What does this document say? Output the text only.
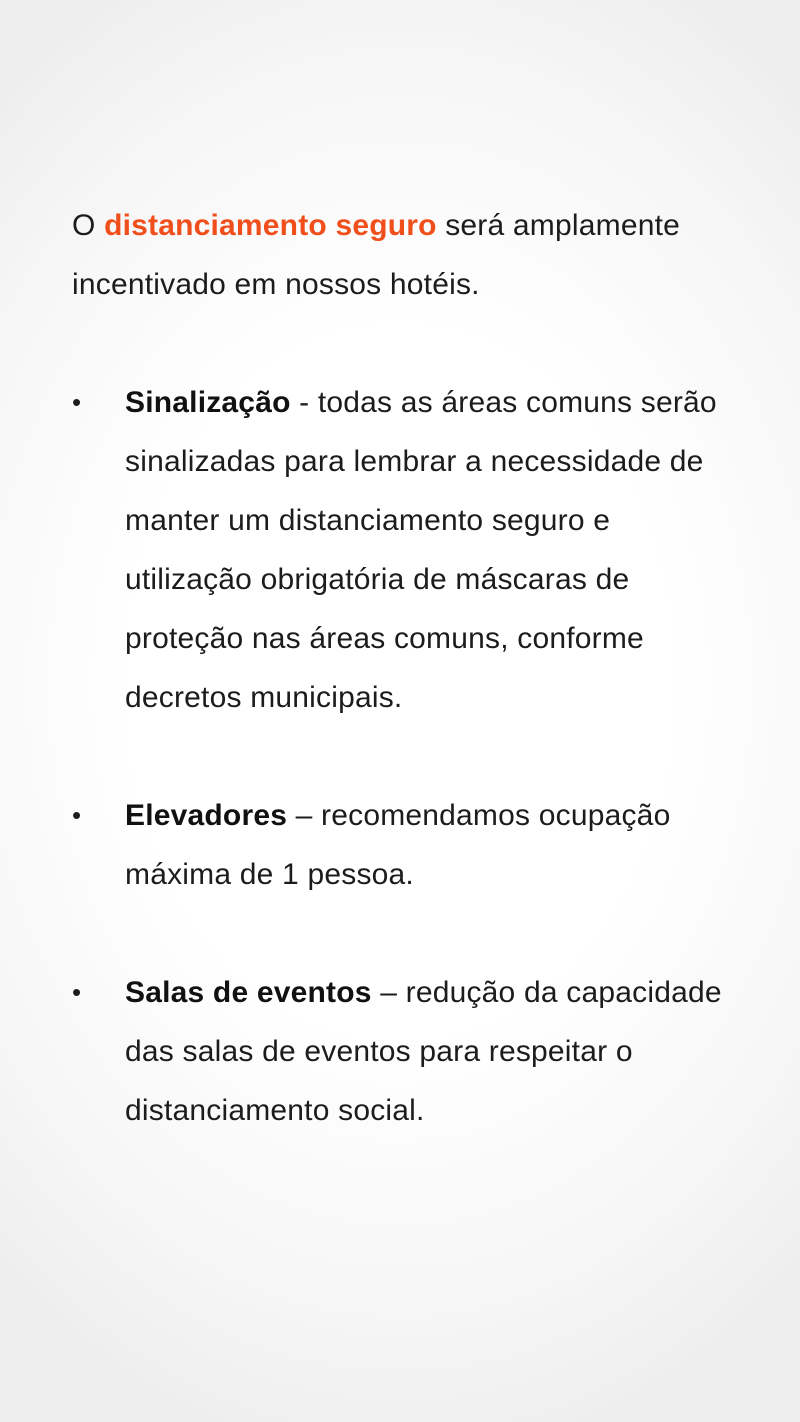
O distanciamento seguro será amplamente incentivado em nossos hotéis.

•	Sinalização - todas as áreas comuns serão sinalizadas para lembrar a necessidade de manter um distanciamento seguro e utilização obrigatória de máscaras de proteção nas áreas comuns, conforme decretos municipais.
•	Elevadores – recomendamos ocupação máxima de 1 pessoa.
•	Salas de eventos – redução da capacidade das salas de eventos para respeitar o distanciamento social.
